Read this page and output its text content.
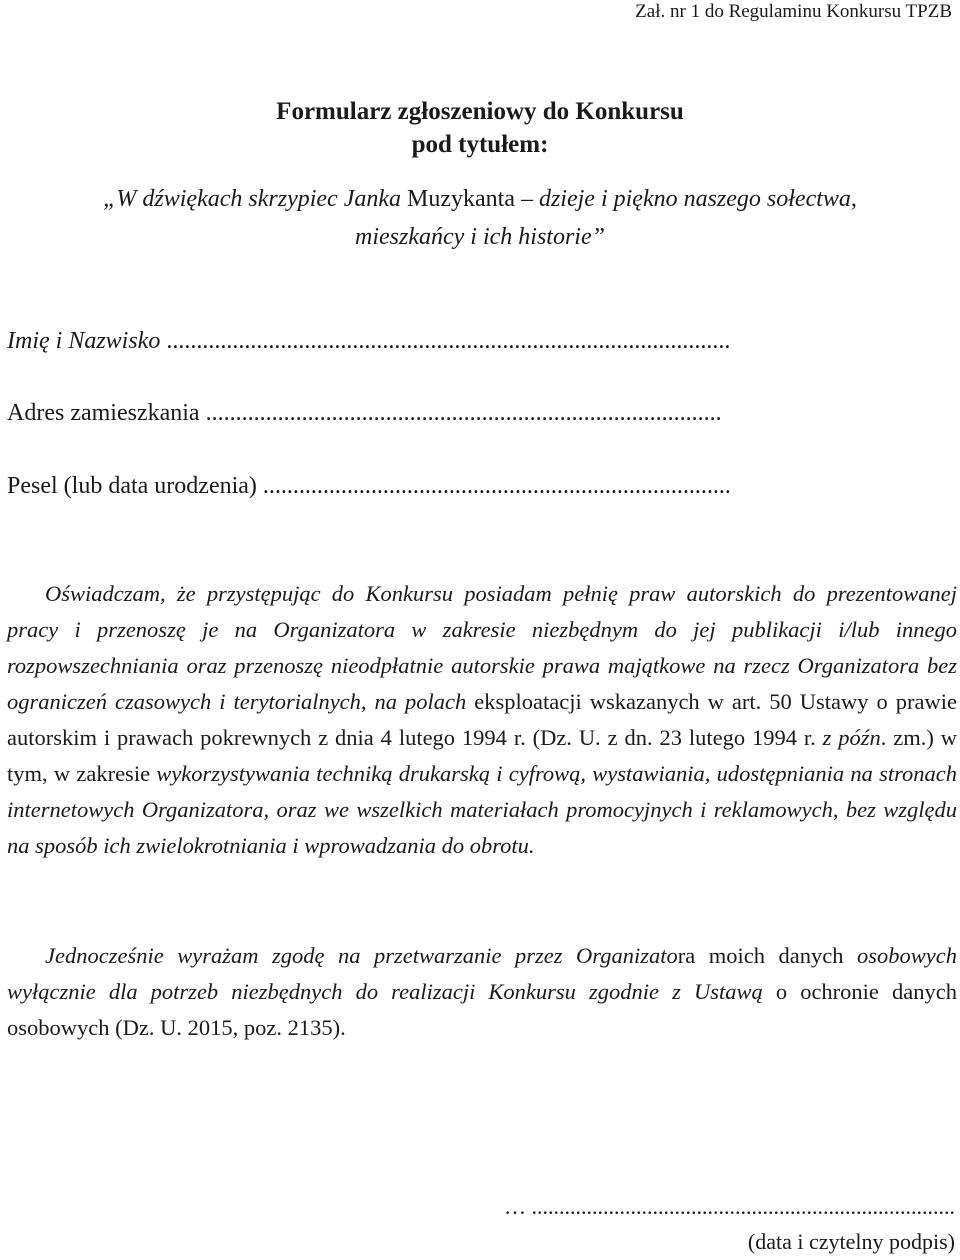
Zał. nr 1 do Regulaminu Konkursu TPZB
Formularz zgłoszeniowy do Konkursu
pod tytułem:
„W dźwiękach skrzypiec Janka Muzykanta – dzieje i piękno naszego sołectwa,
mieszkańcy i ich historie”
Imię i Nazwisko ..............................................................................................
Adres zamieszkania ......................................................................................
Pesel (lub data urodzenia) ..............................................................................
Oświadczam, że przystępując do Konkursu posiadam pełnię praw autorskich do prezentowanej pracy i przenoszę je na Organizatora w zakresie niezbędnym do jej publikacji i/lub innego rozpowszechniania oraz przenoszę nieodpłatnie autorskie prawa majątkowe na rzecz Organizatora bez ograniczeń czasowych i terytorialnych, na polach eksploatacji wskazanych w art. 50 Ustawy o prawie autorskim i prawach pokrewnych z dnia 4 lutego 1994 r. (Dz. U. z dn. 23 lutego 1994 r. z późn. zm.) w tym, w zakresie wykorzystywania techniką drukarską i cyfrową, wystawiania, udostępniania na stronach internetowych Organizatora, oraz we wszelkich materiałach promocyjnych i reklamowych, bez względu na sposób ich zwielokrotniania i wprowadzania do obrotu.
Jednocześnie wyrażam zgodę na przetwarzanie przez Organizatora moich danych osobowych wyłącznie dla potrzeb niezbędnych do realizacji Konkursu zgodnie z Ustawą o ochronie danych osobowych (Dz. U. 2015, poz. 2135).
… .............................................................................
(data i czytelny podpis)
